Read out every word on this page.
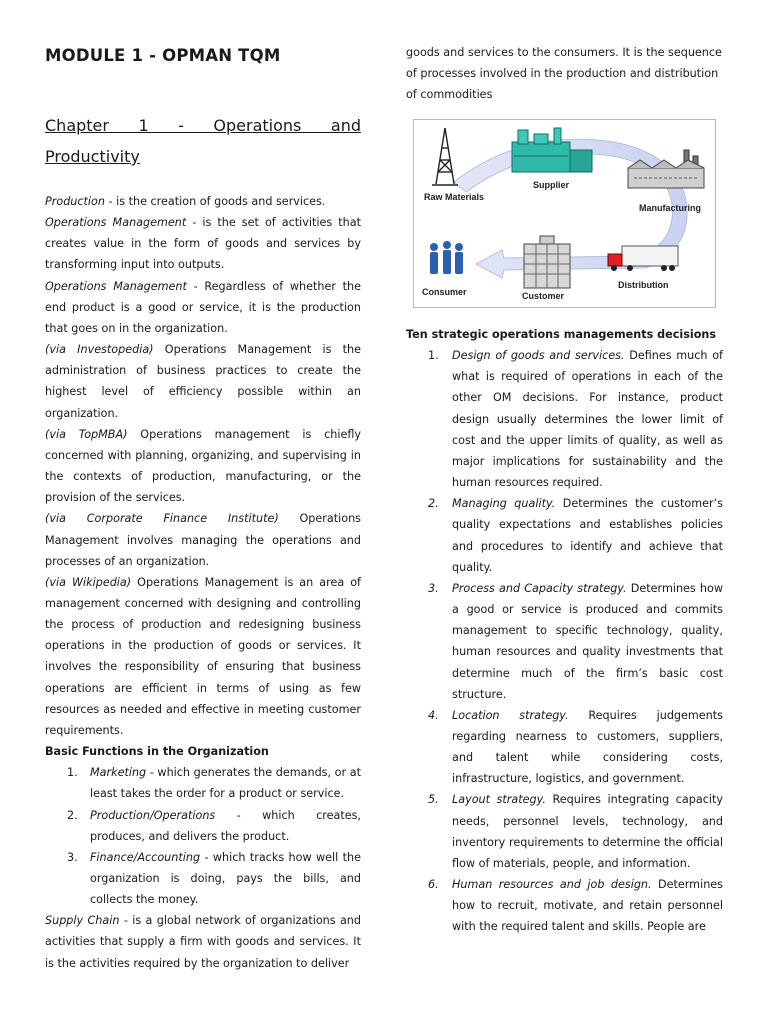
MODULE 1 - OPMAN TQM
Chapter 1 - Operations and Productivity

Production - is the creation of goods and services.

Operations Management - is the set of activities that creates value in the form of goods and services by transforming input into outputs.

Operations Management - Regardless of whether the end product is a good or service, it is the production that goes on in the organization.

(via Investopedia) Operations Management is the administration of business practices to create the highest level of efficiency possible within an organization.

(via TopMBA) Operations management is chiefly concerned with planning, organizing, and supervising in the contexts of production, manufacturing, or the provision of the services.

(via Corporate Finance Institute) Operations Management involves managing the operations and processes of an organization.

(via Wikipedia) Operations Management is an area of management concerned with designing and controlling the process of production and redesigning business operations in the production of goods or services. It involves the responsibility of ensuring that business operations are efficient in terms of using as few resources as needed and effective in meeting customer requirements.

Basic Functions in the Organization

1. Marketing - which generates the demands, or at least takes the order for a product or service.
2. Production/Operations - which creates, produces, and delivers the product.
3. Finance/Accounting - which tracks how well the organization is doing, pays the bills, and collects the money.

Supply Chain - is a global network of organizations and activities that supply a firm with goods and services. It is the activities required by the organization to deliver

goods and services to the consumers. It is the sequence of processes involved in the production and distribution of commodities

Raw Materials
Supplier
Manufacturing
Consumer	Customer
Distribution

Ten strategic operations managements decisions

1. Design of goods and services. Defines much of what is required of operations in each of the other OM decisions. For instance, product design usually determines the lower limit of cost and the upper limits of quality, as well as major implications for sustainability and the human resources required.
2. Managing quality. Determines the customer’s quality expectations and establishes policies and procedures to identify and achieve that quality.
3. Process and Capacity strategy. Determines how a good or service is produced and commits management to specific technology, quality, human resources and quality investments that determine much of the firm’s basic cost structure.
4. Location strategy. Requires judgements regarding nearness to customers, suppliers, and talent while considering costs, infrastructure, logistics, and government.
5. Layout strategy. Requires integrating capacity needs, personnel levels, technology, and inventory requirements to determine the official flow of materials, people, and information.
6. Human resources and job design. Determines how to recruit, motivate, and retain personnel with the required talent and skills. People are
